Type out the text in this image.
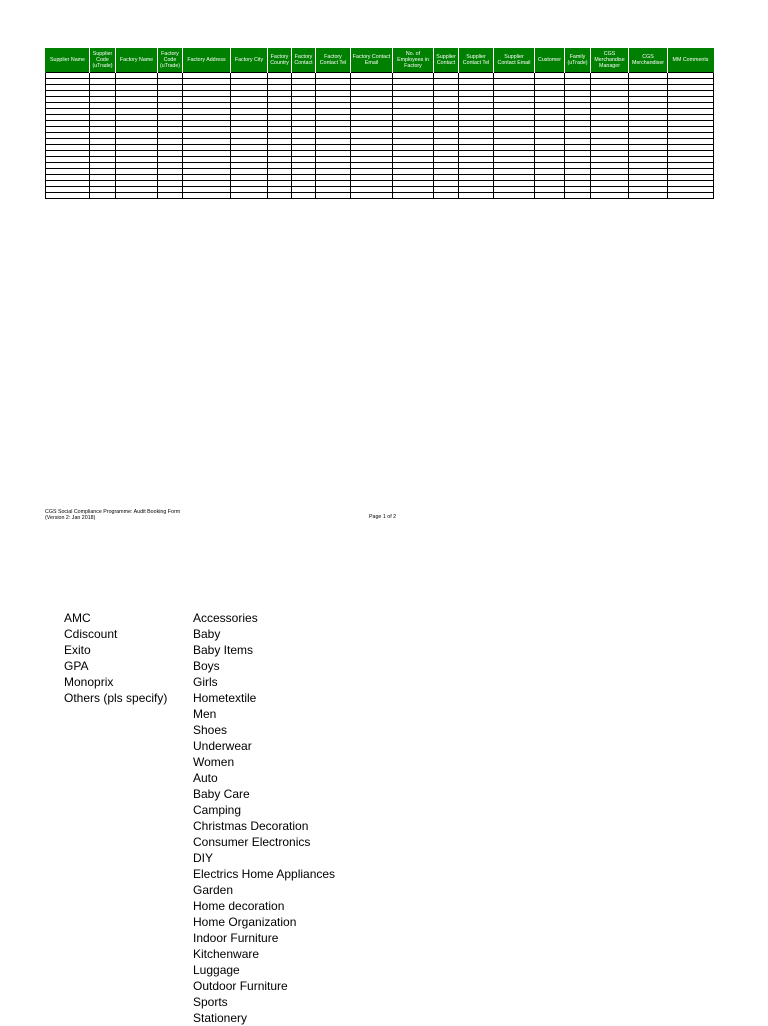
Supplier Name	Supplier Code (uTrade)	Factory Name	Factory Code (uTrade)	Factory Address	Factory City	Factory Country	Factory Contact	Factory Contact Tel	Factory Contact Email	No. of Employees in Factory	Supplier Contact	Supplier Contact Tel	Supplier Contact Email	Customer	Family (uTrade)	CGS Merchandise Manager	CGS Merchandiser	MM Comments

CGS Social Compliance Programme: Audit Booking Form
(Version 2: Jan 2018)	Page 1 of 2
AMC
Cdiscount
Exito
GPA
Monoprix
Others (pls specify)
Accessories
Baby
Baby Items
Boys
Girls
Hometextile
Men
Shoes
Underwear
Women
Auto
Baby Care
Camping
Christmas Decoration
Consumer Electronics
DIY
Electrics Home Appliances
Garden
Home decoration
Home Organization
Indoor Furniture
Kitchenware
Luggage
Outdoor Furniture
Sports
Stationery
